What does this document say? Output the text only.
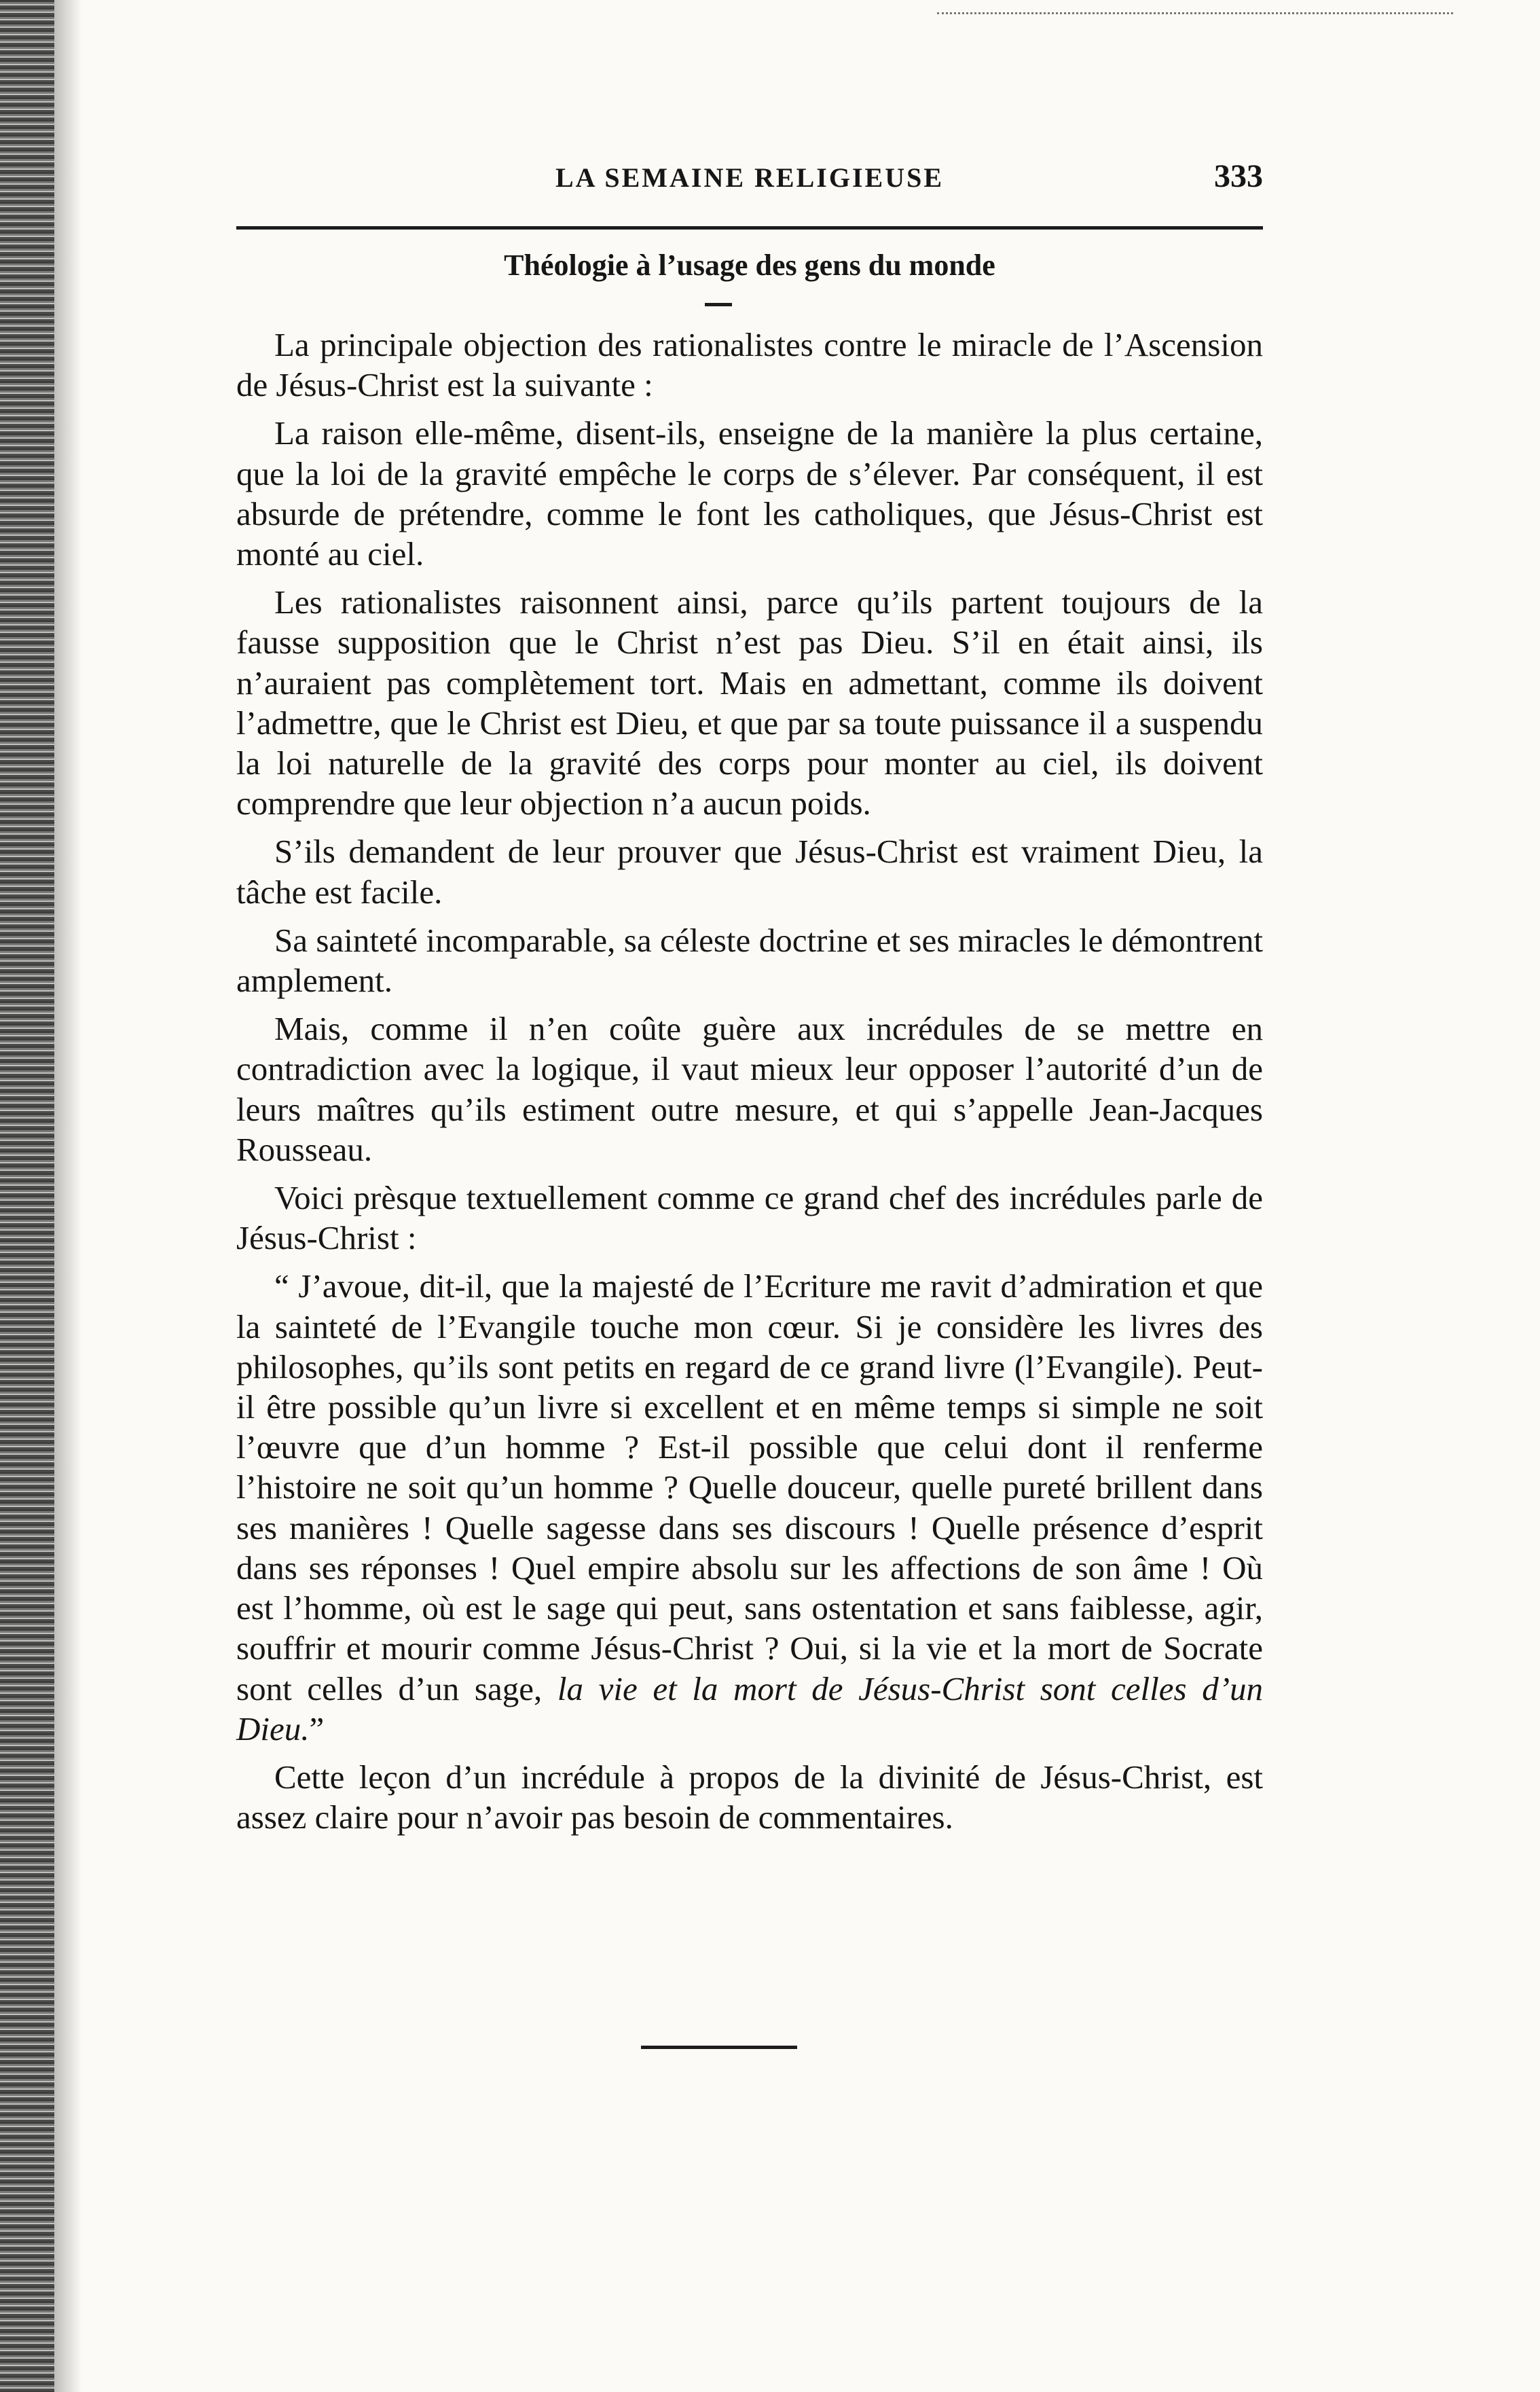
LA SEMAINE RELIGIEUSE	333
Théologie à l’usage des gens du monde

La principale objection des rationalistes contre le miracle de l’Ascension de Jésus-Christ est la suivante :

La raison elle-même, disent-ils, enseigne de la manière la plus certaine, que la loi de la gravité empêche le corps de s’élever. Par conséquent, il est absurde de prétendre, comme le font les catholiques, que Jésus-Christ est monté au ciel.

Les rationalistes raisonnent ainsi, parce qu’ils partent toujours de la fausse supposition que le Christ n’est pas Dieu. S’il en était ainsi, ils n’auraient pas complètement tort. Mais en admettant, comme ils doivent l’admettre, que le Christ est Dieu, et que par sa toute puissance il a suspendu la loi naturelle de la gravité des corps pour monter au ciel, ils doivent comprendre que leur objection n’a aucun poids.

S’ils demandent de leur prouver que Jésus-Christ est vraiment Dieu, la tâche est facile.

Sa sainteté incomparable, sa céleste doctrine et ses miracles le démontrent amplement.

Mais, comme il n’en coûte guère aux incrédules de se mettre en contradiction avec la logique, il vaut mieux leur opposer l’autorité d’un de leurs maîtres qu’ils estiment outre mesure, et qui s’appelle Jean-Jacques Rousseau.

Voici prèsque textuellement comme ce grand chef des incrédules parle de Jésus-Christ :

“ J’avoue, dit-il, que la majesté de l’Ecriture me ravit d’admiration et que la sainteté de l’Evangile touche mon cœur. Si je considère les livres des philosophes, qu’ils sont petits en regard de ce grand livre (l’Evangile). Peut-il être possible qu’un livre si excellent et en même temps si simple ne soit l’œuvre que d’un homme ? Est-il possible que celui dont il renferme l’histoire ne soit qu’un homme ? Quelle douceur, quelle pureté brillent dans ses manières ! Quelle sagesse dans ses discours ! Quelle présence d’esprit dans ses réponses ! Quel empire absolu sur les affections de son âme ! Où est l’homme, où est le sage qui peut, sans ostentation et sans faiblesse, agir, souffrir et mourir comme Jésus-Christ ? Oui, si la vie et la mort de Socrate sont celles d’un sage, la vie et la mort de Jésus-Christ sont celles d’un Dieu.”

Cette leçon d’un incrédule à propos de la divinité de Jésus-Christ, est assez claire pour n’avoir pas besoin de commentaires.
